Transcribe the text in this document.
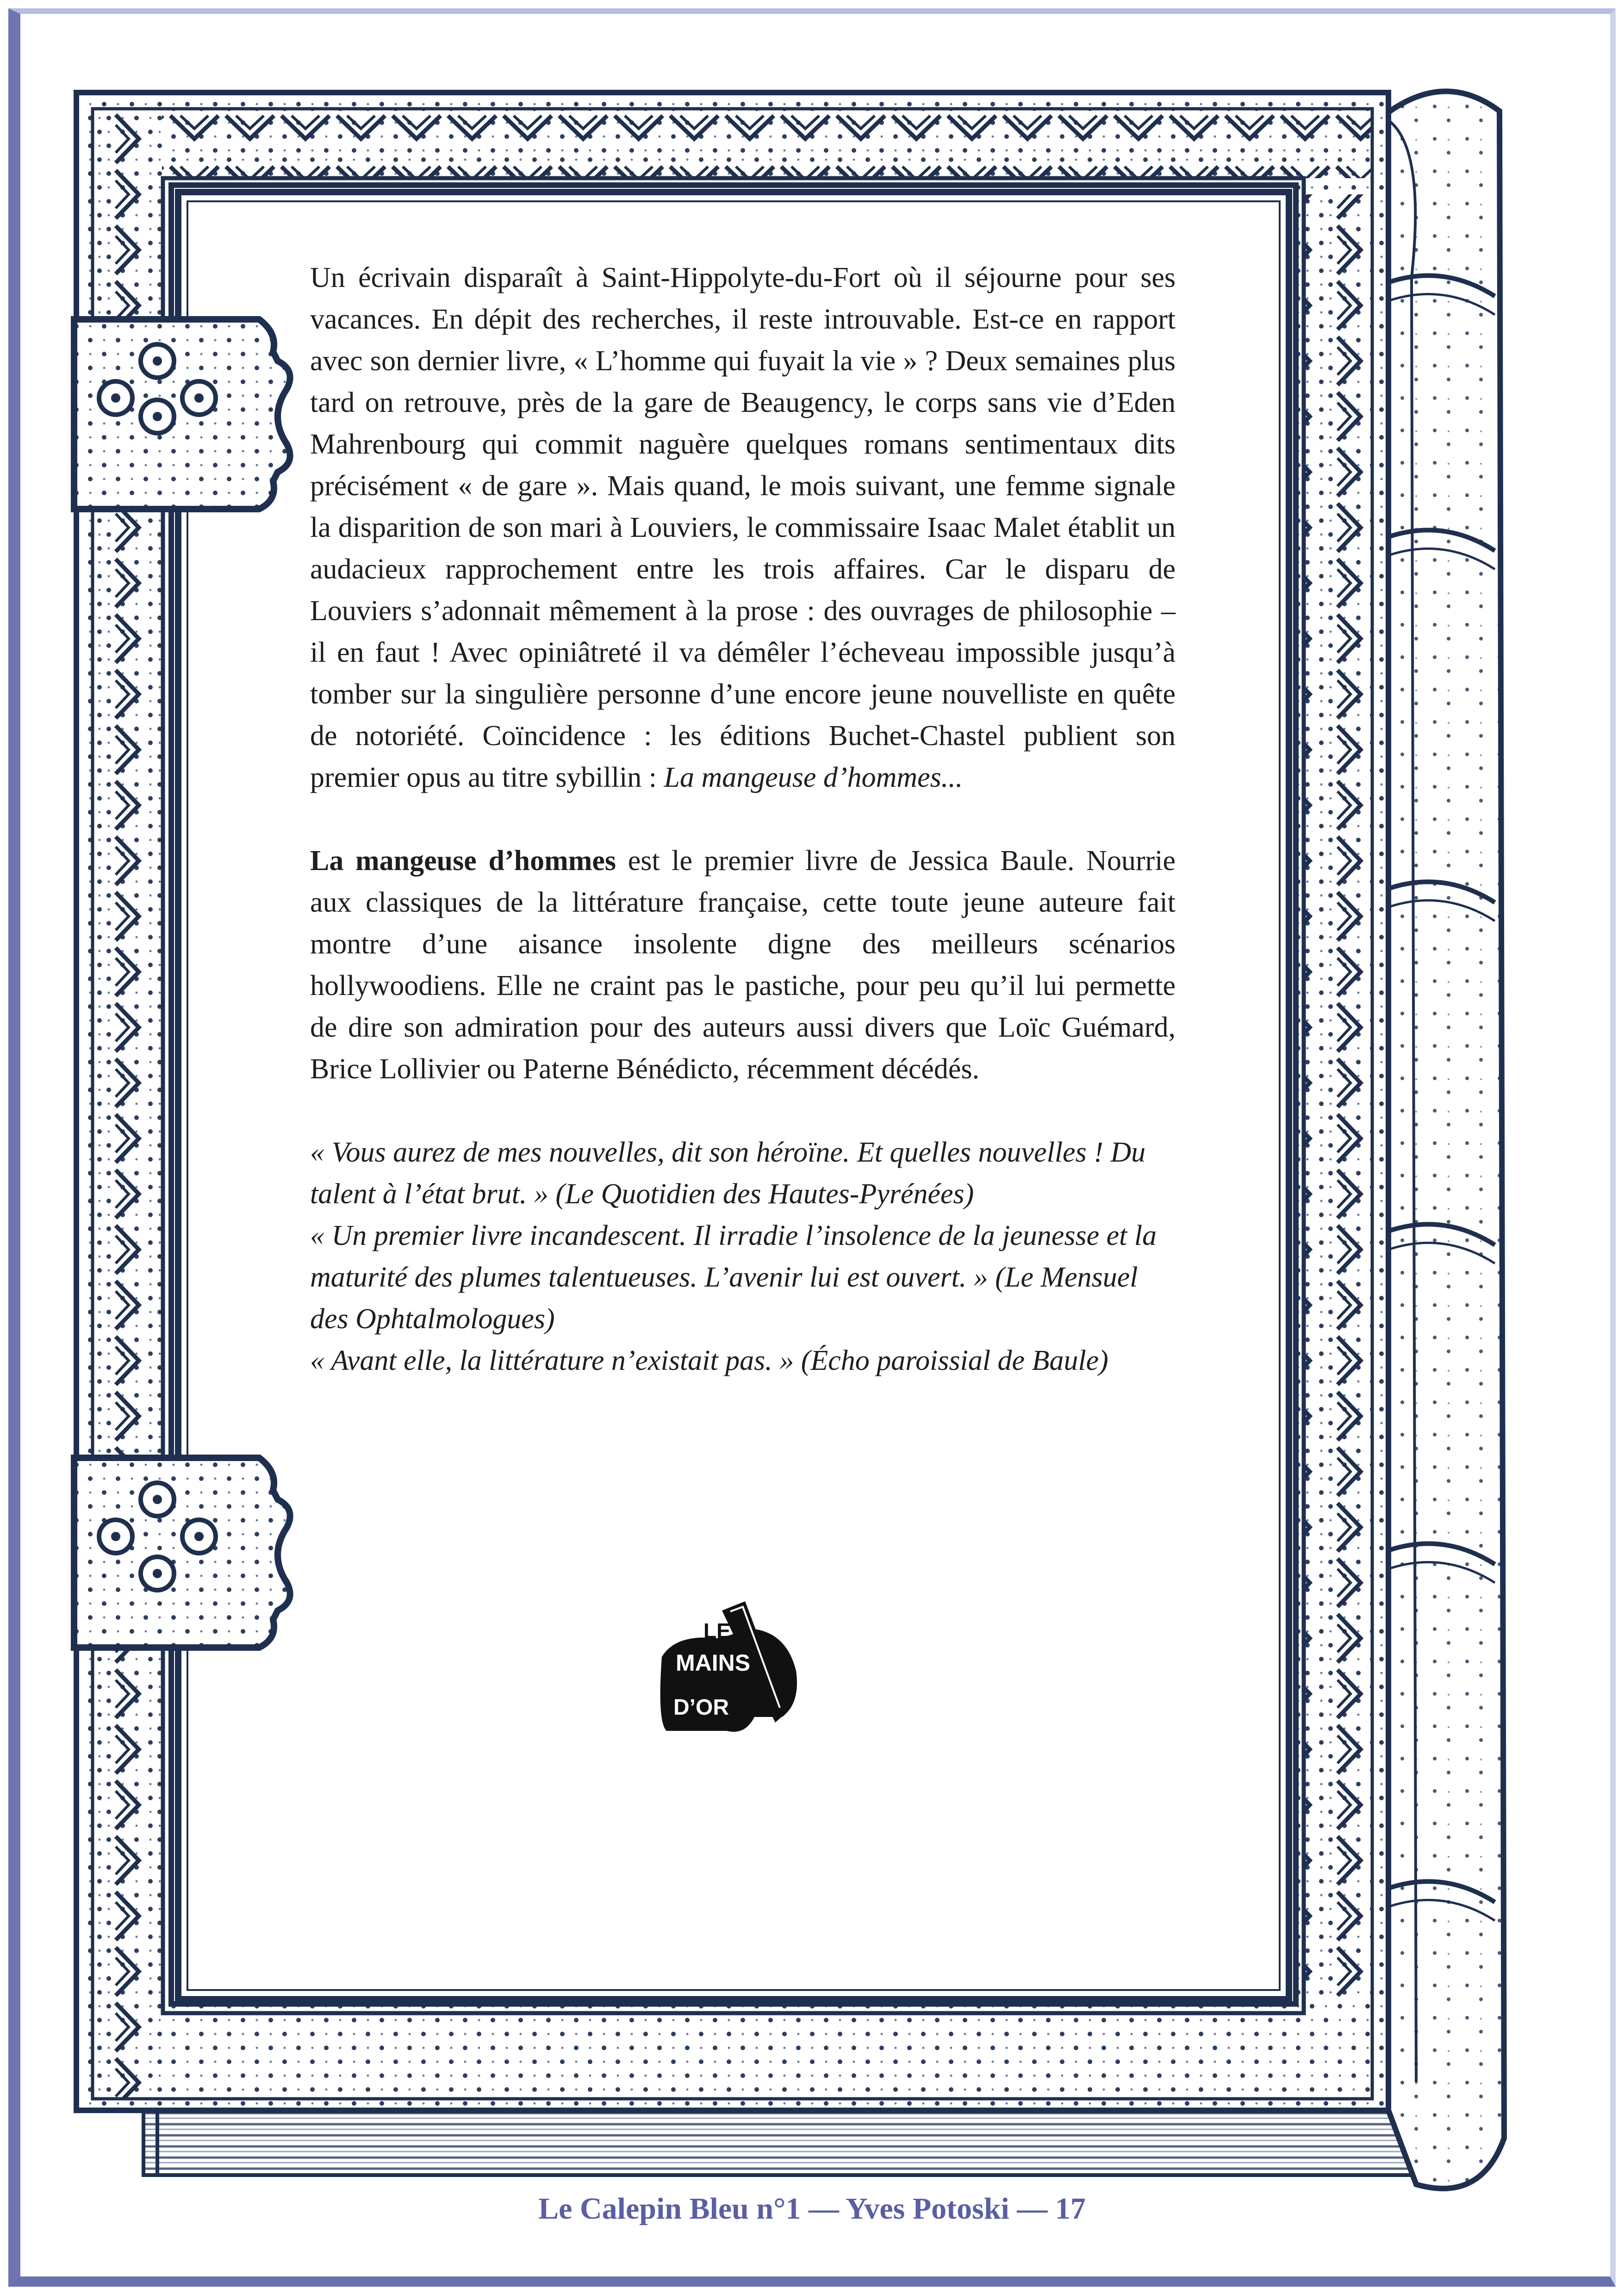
Un écrivain disparaît à Saint-Hippolyte-du-Fort où il séjourne pour ses vacances. En dépit des recherches, il reste introuvable. Est-ce en rapport avec son dernier livre, « L’homme qui fuyait la vie » ? Deux semaines plus tard on retrouve, près de la gare de Beaugency, le corps sans vie d’Eden Mahrenbourg qui commit naguère quelques romans sentimentaux dits précisément « de gare ». Mais quand, le mois suivant, une femme signale la disparition de son mari à Louviers, le commissaire Isaac Malet établit un audacieux rapprochement entre les trois affaires. Car le disparu de Louviers s’adonnait mêmement à la prose : des ouvrages de philosophie – il en faut ! Avec opiniâtreté il va démêler l’écheveau impossible jusqu’à tomber sur la singulière personne d’une encore jeune nouvelliste en quête de notoriété. Coïncidence : les éditions Buchet-Chastel publient son premier opus au titre sybillin : La mangeuse d’hommes...

La mangeuse d’hommes est le premier livre de Jessica Baule. Nourrie aux classiques de la littérature française, cette toute jeune auteure fait montre d’une aisance insolente digne des meilleurs scénarios hollywoodiens. Elle ne craint pas le pastiche, pour peu qu’il lui permette de dire son admiration pour des auteurs aussi divers que Loïc Guémard, Brice Lollivier ou Paterne Bénédicto, récemment décédés.

« Vous aurez de mes nouvelles, dit son héroïne. Et quelles nouvelles ! Du talent à l’état brut. » (Le Quotidien des Hautes-Pyrénées)
« Un premier livre incandescent. Il irradie l’insolence de la jeunesse et la maturité des plumes talentueuses. L’avenir lui est ouvert. » (Le Mensuel des Ophtalmologues)
« Avant elle, la littérature n’existait pas. » (Écho paroissial de Baule)
LES
MAINS
D’OR
Le Calepin Bleu n°1 — Yves Potoski — 17
